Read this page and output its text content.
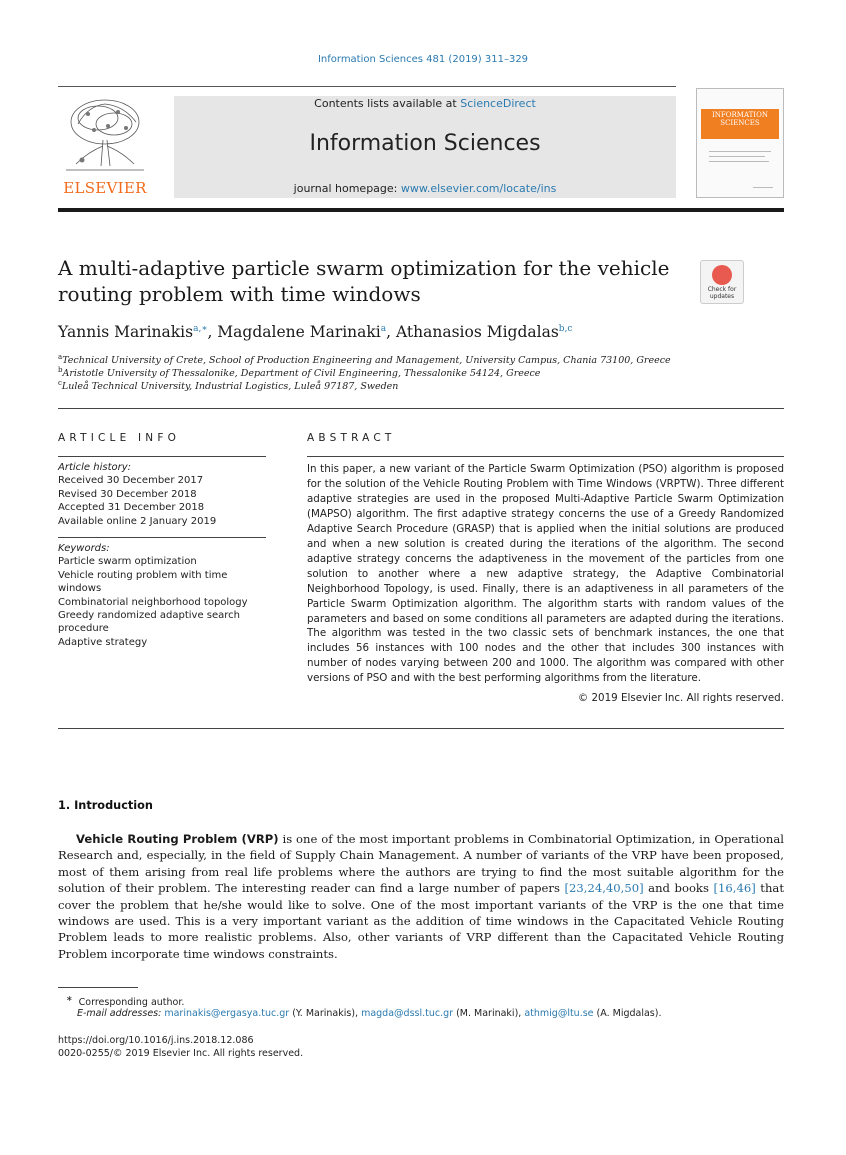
Information Sciences 481 (2019) 311–329
ELSEVIER
Contents lists available at ScienceDirect
Information Sciences
journal homepage: www.elsevier.com/locate/ins
INFORMATION SCIENCES
A multi-adaptive particle swarm optimization for the vehicle routing problem with time windows	Check for updates
Yannis Marinakis$^{a,∗}$, Magdalene Marinaki$^a$, Athanasios Migdalas$^{b,c}$
$^a$Technical University of Crete, School of Production Engineering and Management, University Campus, Chania 73100, Greece
$^b$Aristotle University of Thessalonike, Department of Civil Engineering, Thessalonike 54124, Greece
$^c$Luleå Technical University, Industrial Logistics, Luleå 97187, Sweden
ARTICLE INFO
Article history:
Received 30 December 2017
Revised 30 December 2018
Accepted 31 December 2018
Available online 2 January 2019
Keywords:
Particle swarm optimization
Vehicle routing problem with time
windows
Combinatorial neighborhood topology
Greedy randomized adaptive search
procedure
Adaptive strategy
ABSTRACT
In this paper, a new variant of the Particle Swarm Optimization (PSO) algorithm is proposed for the solution of the Vehicle Routing Problem with Time Windows (VRPTW). Three different adaptive strategies are used in the proposed Multi-Adaptive Particle Swarm Optimization (MAPSO) algorithm. The first adaptive strategy concerns the use of a Greedy Randomized Adaptive Search Procedure (GRASP) that is applied when the initial solutions are produced and when a new solution is created during the iterations of the algorithm. The second adaptive strategy concerns the adaptiveness in the movement of the particles from one solution to another where a new adaptive strategy, the Adaptive Combinatorial Neighborhood Topology, is used. Finally, there is an adaptiveness in all parameters of the Particle Swarm Optimization algorithm. The algorithm starts with random values of the parameters and based on some conditions all parameters are adapted during the iterations. The algorithm was tested in the two classic sets of benchmark instances, the one that includes 56 instances with 100 nodes and the other that includes 300 instances with number of nodes varying between 200 and 1000. The algorithm was compared with other versions of PSO and with the best performing algorithms from the literature.
© 2019 Elsevier Inc. All rights reserved.
1. Introduction
Vehicle Routing Problem (VRP) is one of the most important problems in Combinatorial Optimization, in Operational Research and, especially, in the field of Supply Chain Management. A number of variants of the VRP have been proposed, most of them arising from real life problems where the authors are trying to find the most suitable algorithm for the solution of their problem. The interesting reader can find a large number of papers [23,24,40,50] and books [16,46] that cover the problem that he/she would like to solve. One of the most important variants of the VRP is the one that time windows are used. This is a very important variant as the addition of time windows in the Capacitated Vehicle Routing Problem leads to more realistic problems. Also, other variants of VRP different than the Capacitated Vehicle Routing Problem incorporate time windows constraints.
∗ Corresponding author.
E-mail addresses: marinakis@ergasya.tuc.gr (Y. Marinakis), magda@dssl.tuc.gr (M. Marinaki), athmig@ltu.se (A. Migdalas).
https://doi.org/10.1016/j.ins.2018.12.086
0020-0255/© 2019 Elsevier Inc. All rights reserved.
